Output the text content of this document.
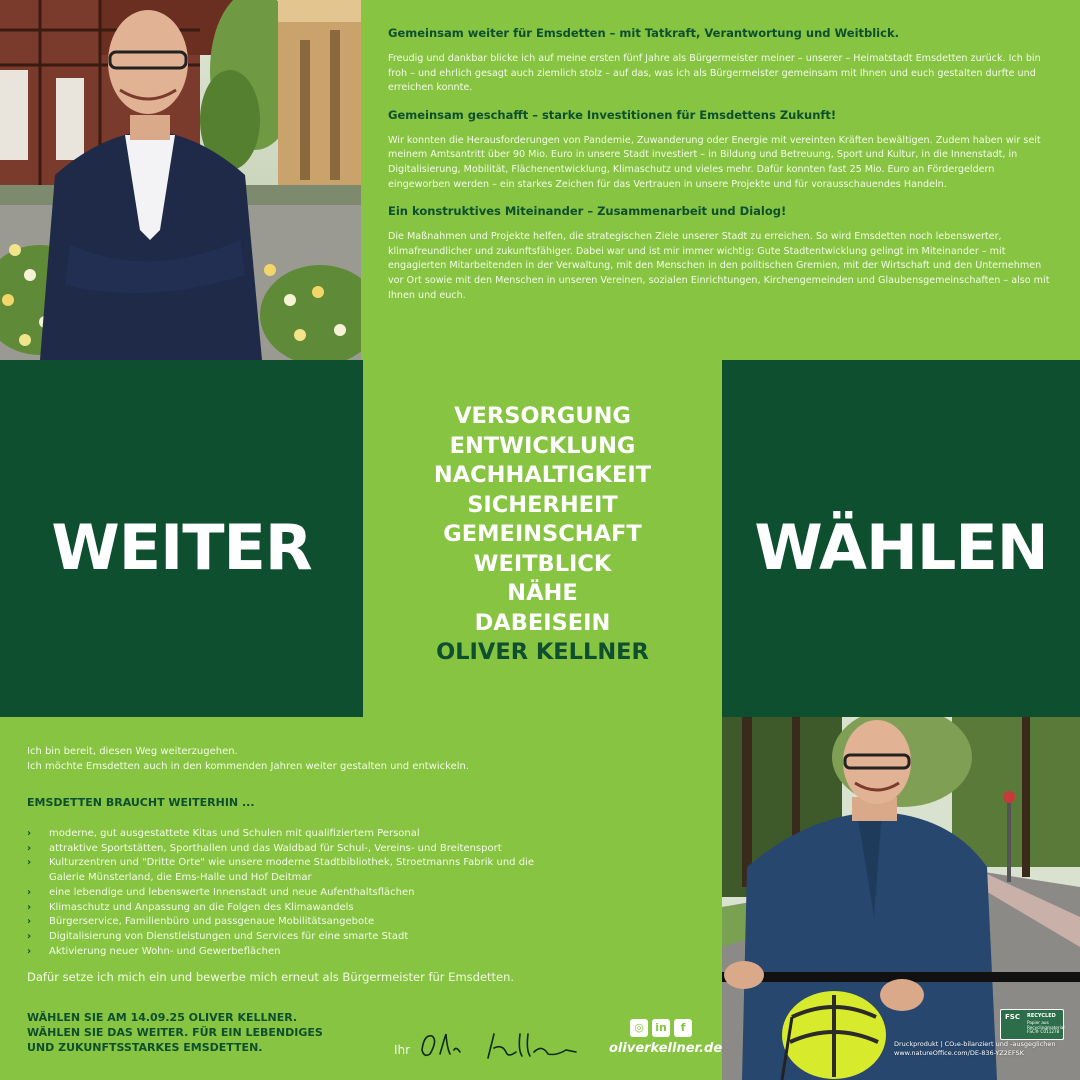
Gemeinsam weiter für Emsdetten – mit Tatkraft, Verantwortung und Weitblick.

Freudig und dankbar blicke ich auf meine ersten fünf Jahre als Bürgermeister meiner – unserer – Heimatstadt Emsdetten zurück. Ich bin froh – und ehrlich gesagt auch ziemlich stolz – auf das, was ich als Bürgermeister gemeinsam mit Ihnen und euch gestalten durfte und erreichen konnte.

Gemeinsam geschafft – starke Investitionen für Emsdettens Zukunft!

Wir konnten die Herausforderungen von Pandemie, Zuwanderung oder Energie mit vereinten Kräften bewältigen. Zudem haben wir seit meinem Amtsantritt über 90 Mio. Euro in unsere Stadt investiert – in Bildung und Betreuung, Sport und Kultur, in die Innenstadt, in Digitalisierung, Mobilität, Flächenentwicklung, Klimaschutz und vieles mehr. Dafür konnten fast 25 Mio. Euro an Fördergeldern eingeworben werden – ein starkes Zeichen für das Vertrauen in unsere Projekte und für vorausschauendes Handeln.

Ein konstruktives Miteinander – Zusammenarbeit und Dialog!

Die Maßnahmen und Projekte helfen, die strategischen Ziele unserer Stadt zu erreichen. So wird Emsdetten noch lebenswerter, klimafreundlicher und zukunftsfähiger. Dabei war und ist mir immer wichtig: Gute Stadtentwicklung gelingt im Miteinander – mit engagierten Mitarbeitenden in der Verwaltung, mit den Menschen in den politischen Gremien, mit der Wirtschaft und den Unternehmen vor Ort sowie mit den Menschen in unseren Vereinen, sozialen Einrichtungen, Kirchengemeinden und Glaubensgemeinschaften – also mit Ihnen und euch.

WEITER	WÄHLEN
VERSORGUNG
ENTWICKLUNG
NACHHALTIGKEIT
SICHERHEIT
GEMEINSCHAFT
WEITBLICK
NÄHE
DABEISEIN
OLIVER KELLNER

Ich bin bereit, diesen Weg weiterzugehen.

Ich möchte Emsdetten auch in den kommenden Jahren weiter gestalten und entwickeln.

EMSDETTEN BRAUCHT WEITERHIN ...
› moderne, gut ausgestattete Kitas und Schulen mit qualifiziertem Personal
› attraktive Sportstätten, Sporthallen und das Waldbad für Schul-, Vereins- und Breitensport
› Kulturzentren und "Dritte Orte" wie unsere moderne Stadtbibliothek, Stroetmanns Fabrik und die Galerie Münsterland, die Ems-Halle und Hof Deitmar
› eine lebendige und lebenswerte Innenstadt und neue Aufenthaltsflächen
› Klimaschutz und Anpassung an die Folgen des Klimawandels
› Bürgerservice, Familienbüro und passgenaue Mobilitätsangebote
› Digitalisierung von Dienstleistungen und Services für eine smarte Stadt
› Aktivierung neuer Wohn- und Gewerbeflächen

Dafür setze ich mich ein und bewerbe mich erneut als Bürgermeister für Emsdetten.

WÄHLEN SIE AM 14.09.25 OLIVER KELLNER.
WÄHLEN SIE DAS WEITER. FÜR EIN LEBENDIGES
UND ZUKUNFTSSTARKES EMSDETTEN.	Ihr
◎	in	f
oliverkellner.de
FSC RECYCLED
Papier aus Recyclingmaterial
FSC® C011278
Druckprodukt | CO₂e-bilanziert und -ausgeglichen
www.natureOffice.com/DE-836-YZ2EFSK
